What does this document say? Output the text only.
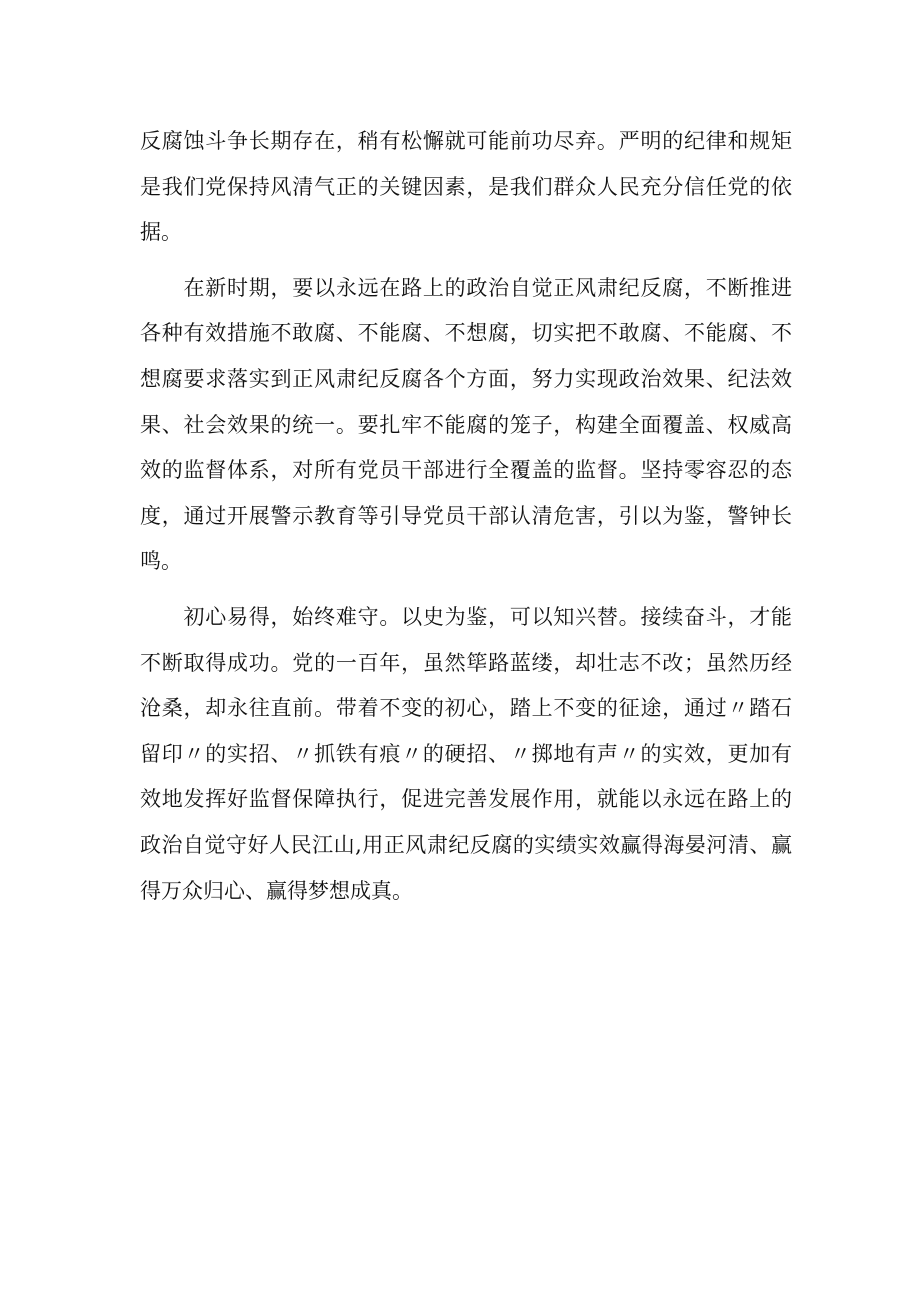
反腐蚀斗争长期存在，稍有松懈就可能前功尽弃。严明的纪律和规矩
是我们党保持风清气正的关键因素，是我们群众人民充分信任党的依
据。
　　在新时期，要以永远在路上的政治自觉正风肃纪反腐，不断推进
各种有效措施不敢腐、不能腐、不想腐，切实把不敢腐、不能腐、不
想腐要求落实到正风肃纪反腐各个方面，努力实现政治效果、纪法效
果、社会效果的统一。要扎牢不能腐的笼子，构建全面覆盖、权威高
效的监督体系，对所有党员干部进行全覆盖的监督。坚持零容忍的态
度，通过开展警示教育等引导党员干部认清危害，引以为鉴，警钟长
鸣。
　　初心易得，始终难守。以史为鉴，可以知兴替。接续奋斗，才能
不断取得成功。党的一百年，虽然筚路蓝缕，却壮志不改；虽然历经
沧桑，却永往直前。带着不变的初心，踏上不变的征途，通过〃踏石
留印〃的实招、〃抓铁有痕〃的硬招、〃掷地有声〃的实效，更加有
效地发挥好监督保障执行，促进完善发展作用，就能以永远在路上的
政治自觉守好人民江山,用正风肃纪反腐的实绩实效赢得海晏河清、赢
得万众归心、赢得梦想成真。
